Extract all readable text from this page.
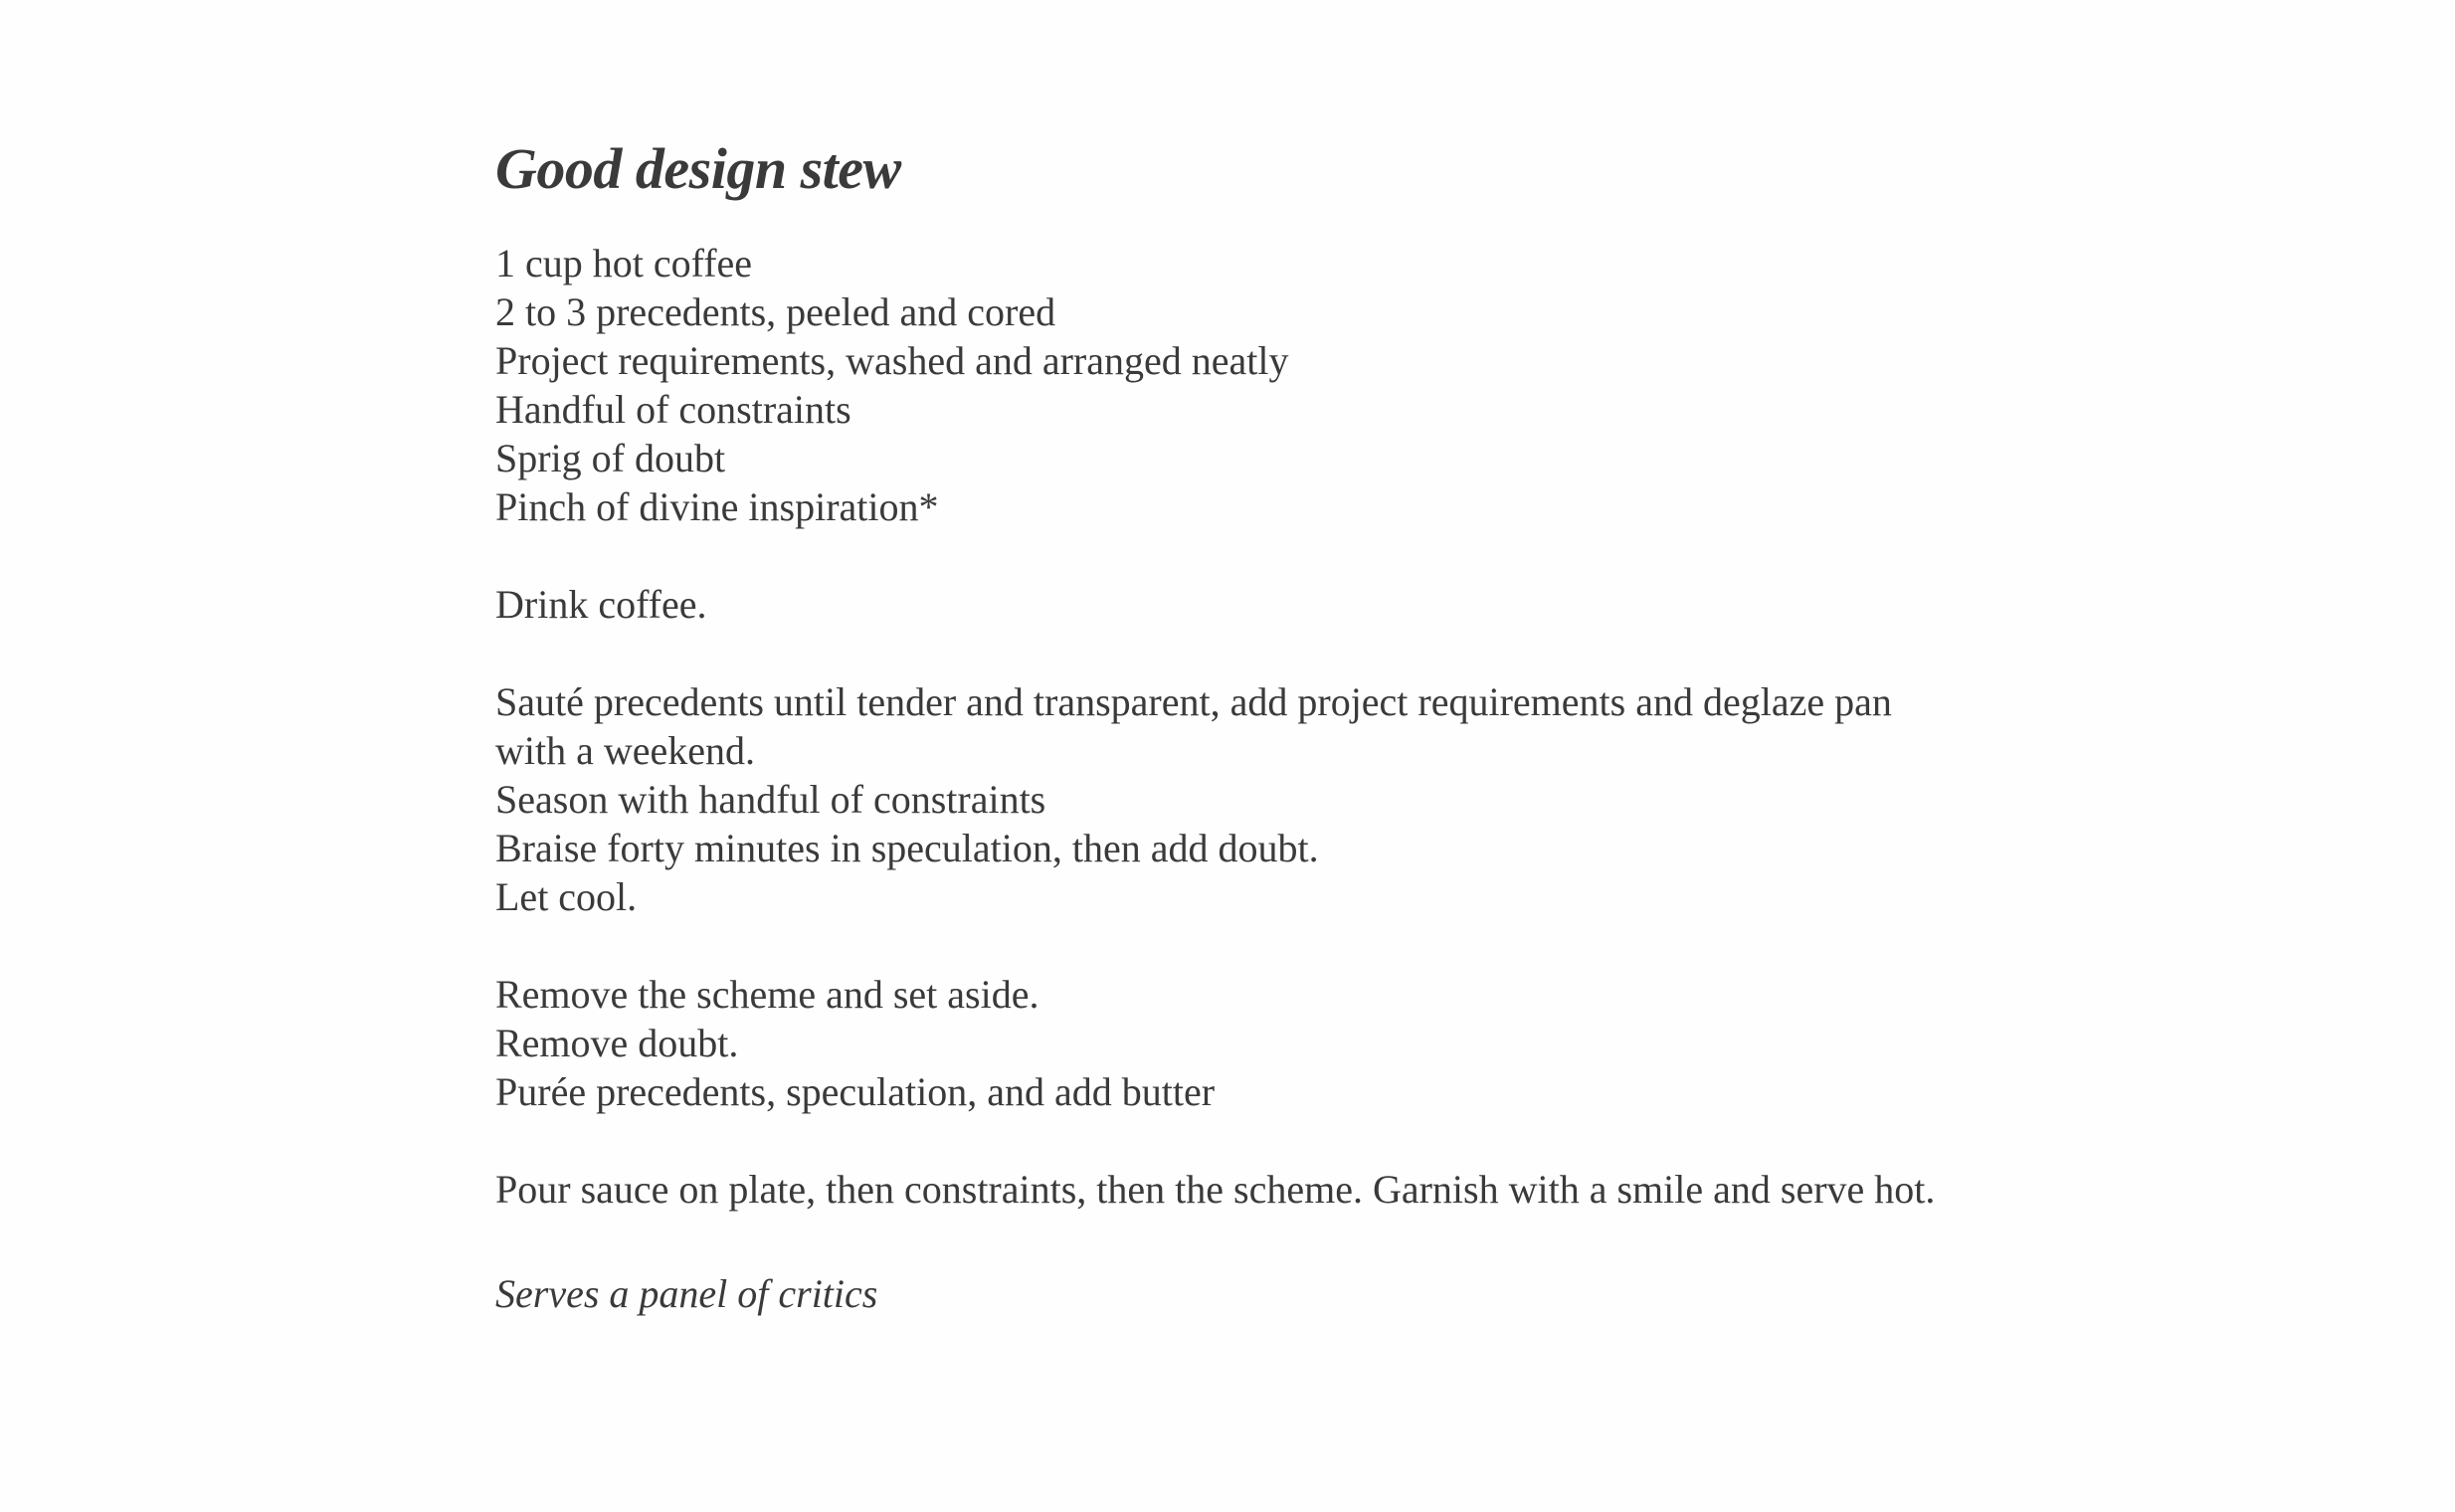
Good design stew
1 cup hot coffee
2 to 3 precedents, peeled and cored
Project requirements, washed and arranged neatly
Handful of constraints
Sprig of doubt
Pinch of divine inspiration*
Drink coffee.
Sauté precedents until tender and transparent, add project requirements and deglaze pan
with a weekend.
Season with handful of constraints
Braise forty minutes in speculation, then add doubt.
Let cool.
Remove the scheme and set aside.
Remove doubt.
Purée precedents, speculation, and add butter
Pour sauce on plate, then constraints, then the scheme. Garnish with a smile and serve hot.
Serves a panel of critics
